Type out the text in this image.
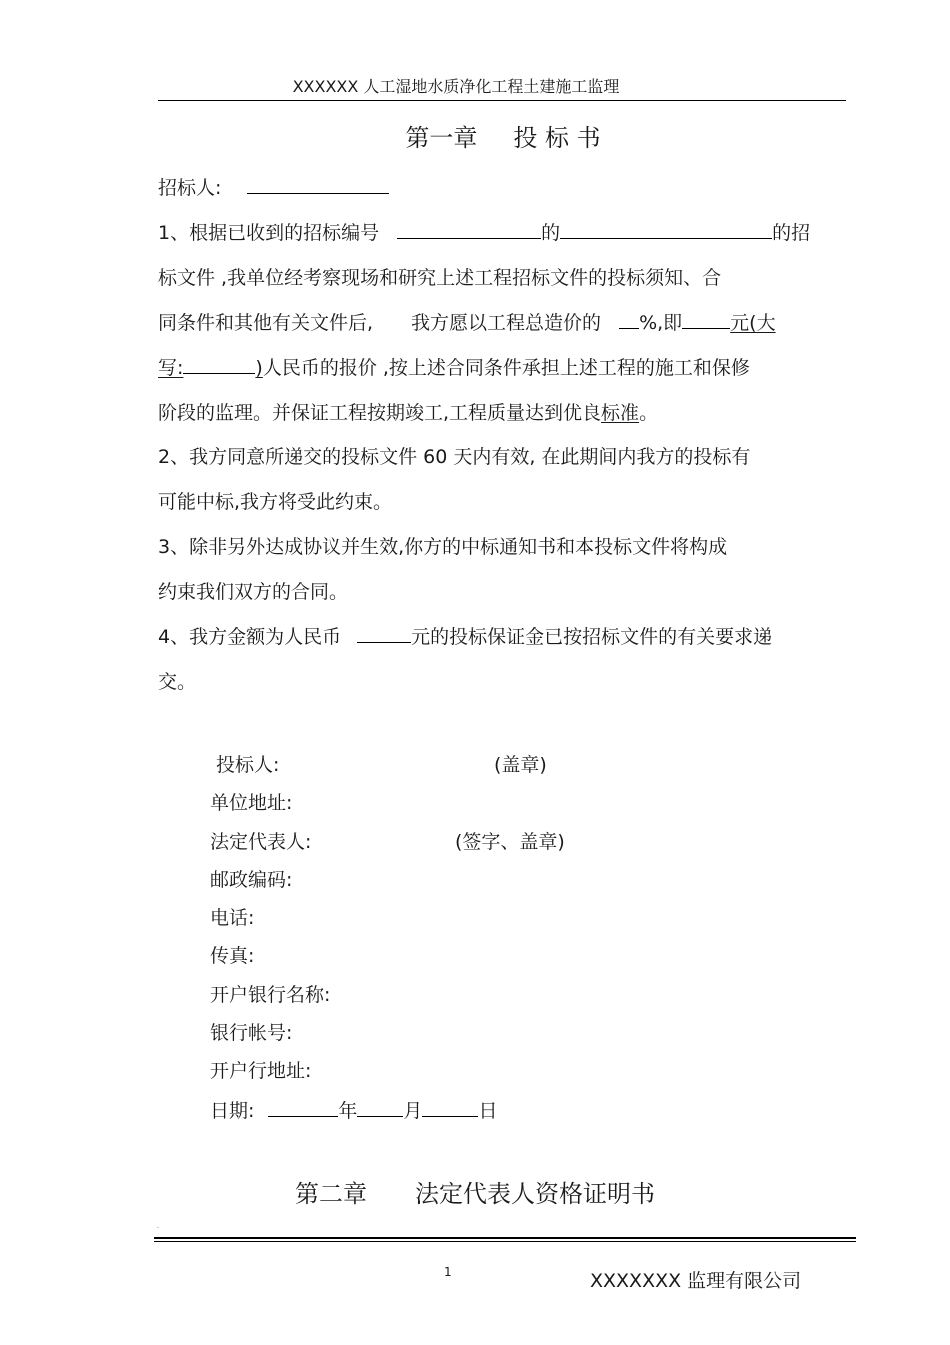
XXXXXX 人工湿地水质净化工程土建施工监理
第一章 投 标 书
招标人:
1、根据已收到的招标编号	的	的招
标文件 ,我单位经考察现场和研究上述工程招标文件的投标须知、合
同条件和其他有关文件后, 我方愿以工程总造价的 %,即	元(大
写:	)人民币的报价 ,按上述合同条件承担上述工程的施工和保修
阶段的监理。并保证工程按期竣工,工程质量达到优良标准。
2、我方同意所递交的投标文件 60 天内有效, 在此期间内我方的投标有
可能中标,我方将受此约束。
3、除非另外达成协议并生效,你方的中标通知书和本投标文件将构成
约束我们双方的合同。
4、我方金额为人民币	元的投标保证金已按招标文件的有关要求递
交。
投标人:	(盖章)
单位地址:
法定代表人:	(签字、盖章)
邮政编码:
电话:
传真:
开户银行名称:
银行帐号:
开户行地址:
日期:	年 月	日
第二章 法定代表人资格证明书
.
1	XXXXXXX 监理有限公司
